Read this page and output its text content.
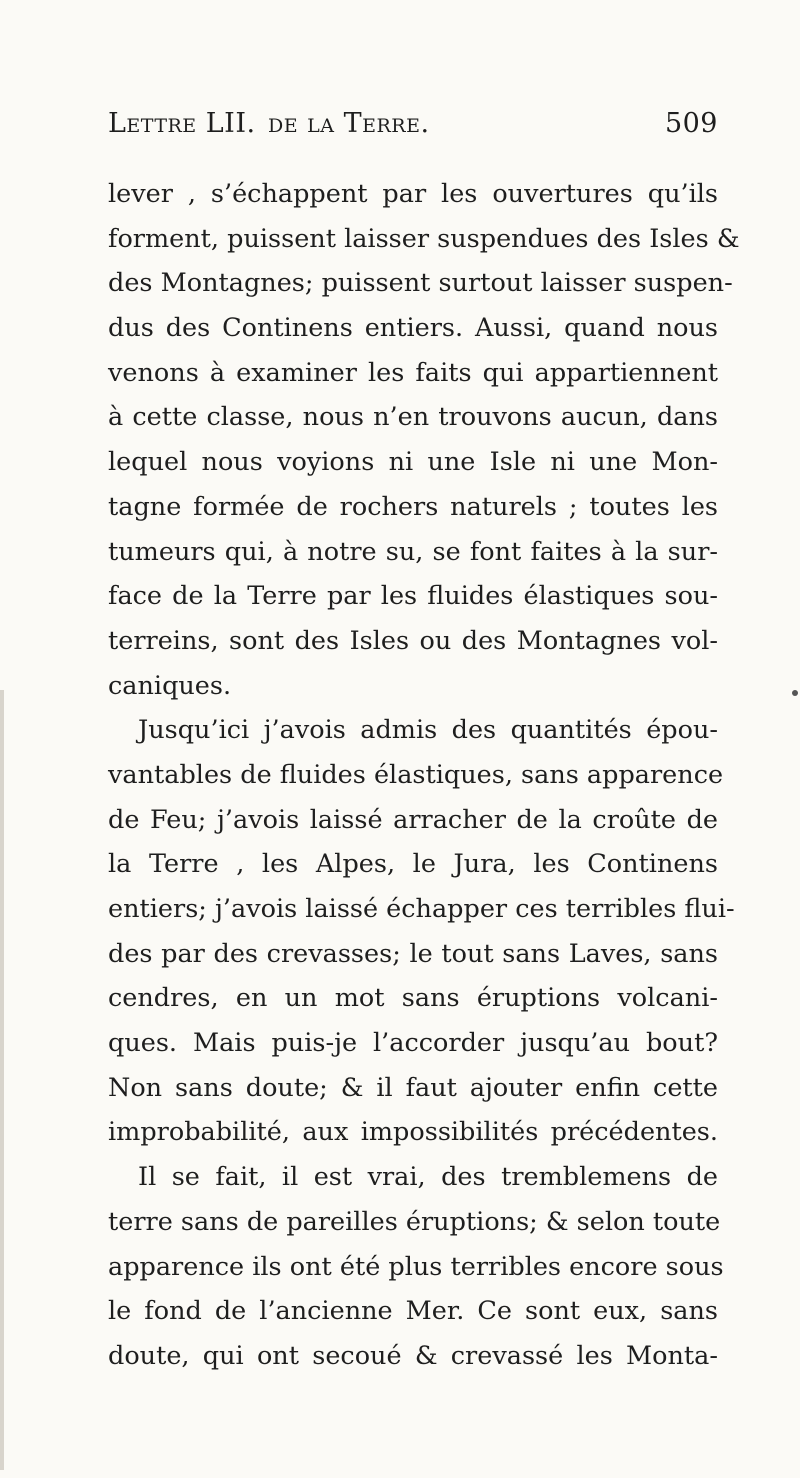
Lettre LII. de la Terre.	509
lever , s’échappent par les ouvertures qu’ils
forment, puissent laisser suspendues des Isles &
des Montagnes; puissent surtout laisser suspen-
dus des Continens entiers. Aussi, quand nous
venons à examiner les faits qui appartiennent
à cette classe, nous n’en trouvons aucun, dans
lequel nous voyions ni une Isle ni une Mon-
tagne formée de rochers naturels ; toutes les
tumeurs qui, à notre su, se font faites à la sur-
face de la Terre par les fluides élastiques sou-
terreins, sont des Isles ou des Montagnes vol-
caniques.
Jusqu’ici j’avois admis des quantités épou-
vantables de fluides élastiques, sans apparence
de Feu; j’avois laissé arracher de la croûte de
la Terre , les Alpes, le Jura, les Continens
entiers; j’avois laissé échapper ces terribles flui-
des par des crevasses; le tout sans Laves, sans
cendres, en un mot sans éruptions volcani-
ques. Mais puis-je l’accorder jusqu’au bout?
Non sans doute; & il faut ajouter enfin cette
improbabilité, aux impossibilités précédentes.
Il se fait, il est vrai, des tremblemens de
terre sans de pareilles éruptions; & selon toute
apparence ils ont été plus terribles encore sous
le fond de l’ancienne Mer. Ce sont eux, sans
doute, qui ont secoué & crevassé les Monta-
